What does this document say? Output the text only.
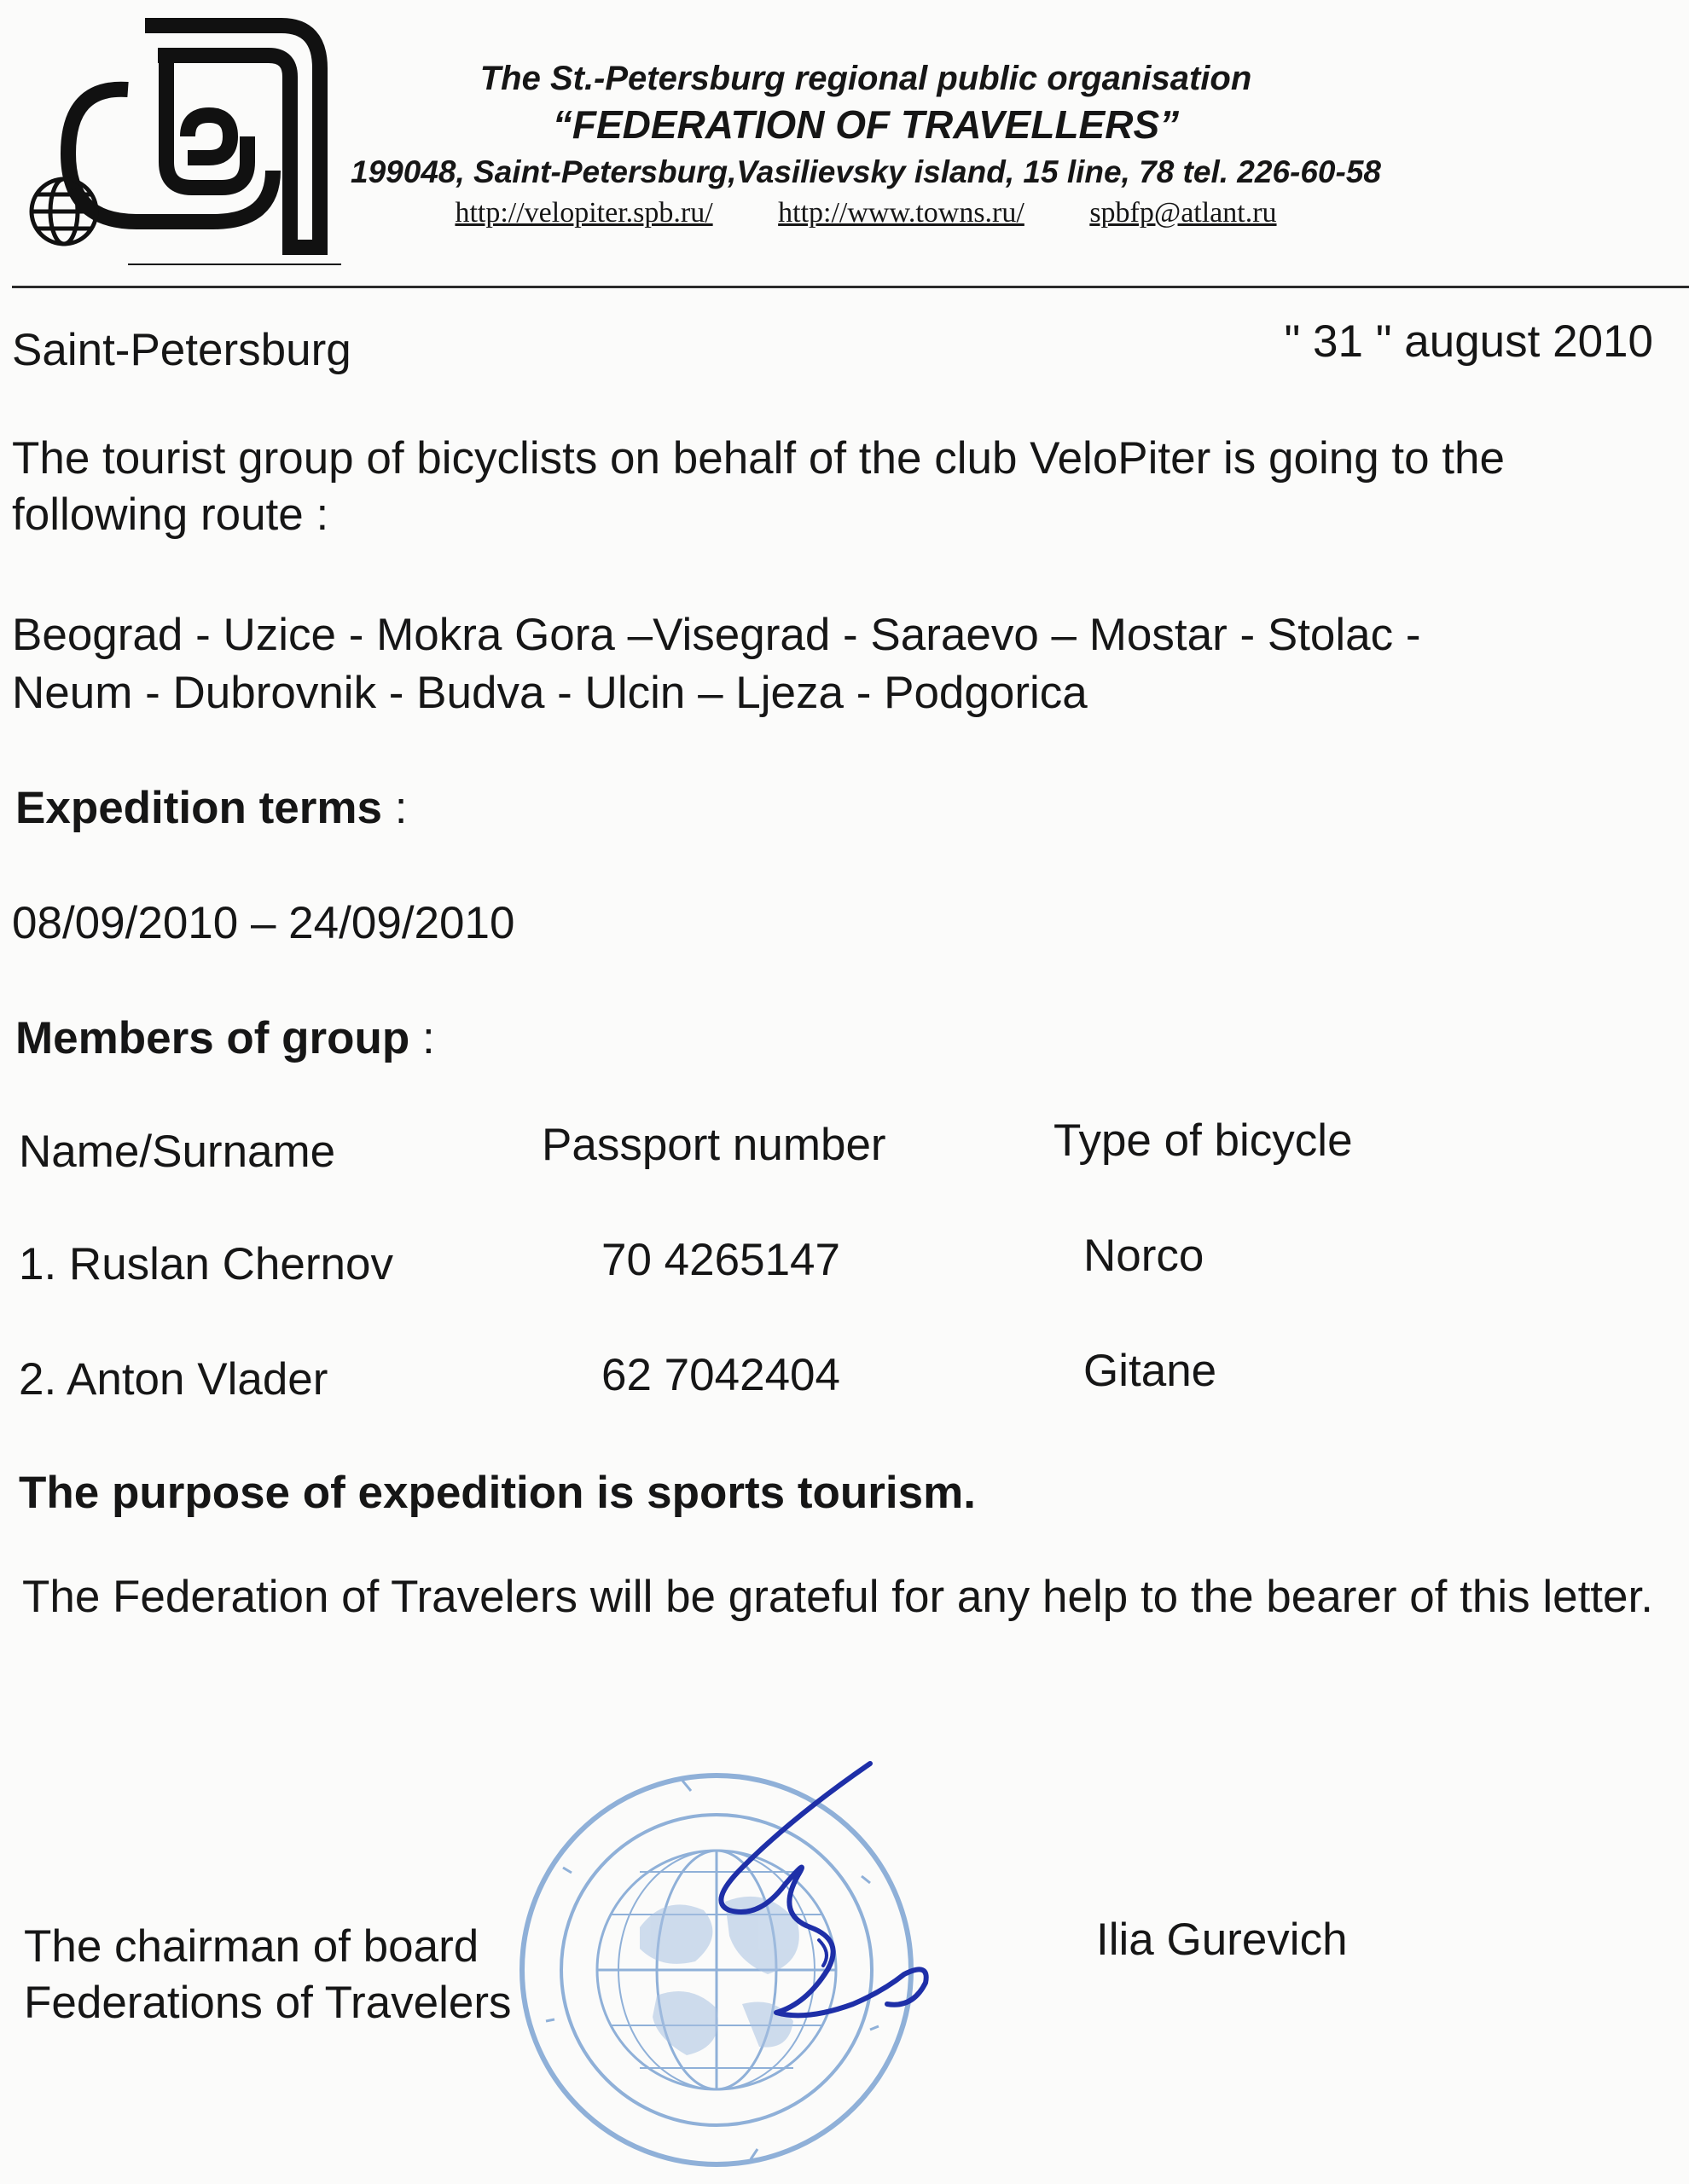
The St.-Petersburg regional public organisation
“FEDERATION OF TRAVELLERS”
199048, Saint-Petersburg,Vasilievsky island, 15 line, 78 tel. 226-60-58
http://velopiter.spb.ru/ http://www.towns.ru/ spbfp@atlant.ru
Saint-Petersburg	" 31 " august 2010
The tourist group of bicyclists on behalf of the club VeloPiter is going to the following route :
Beograd - Uzice - Mokra Gora –Visegrad - Saraevo – Mostar - Stolac -
Neum - Dubrovnik - Budva - Ulcin – Ljeza - Podgorica
Expedition terms :
08/09/2010 – 24/09/2010
Members of group :
Name/Surname	Passport number	Type of bicycle
1. Ruslan Chernov	70 4265147	Norco
2. Anton Vlader	62 7042404	Gitane
The purpose of expedition is sports tourism.
The Federation of Travelers will be grateful for any help to the bearer of this letter.
The chairman of board
Federations of Travelers
Ilia Gurevich
